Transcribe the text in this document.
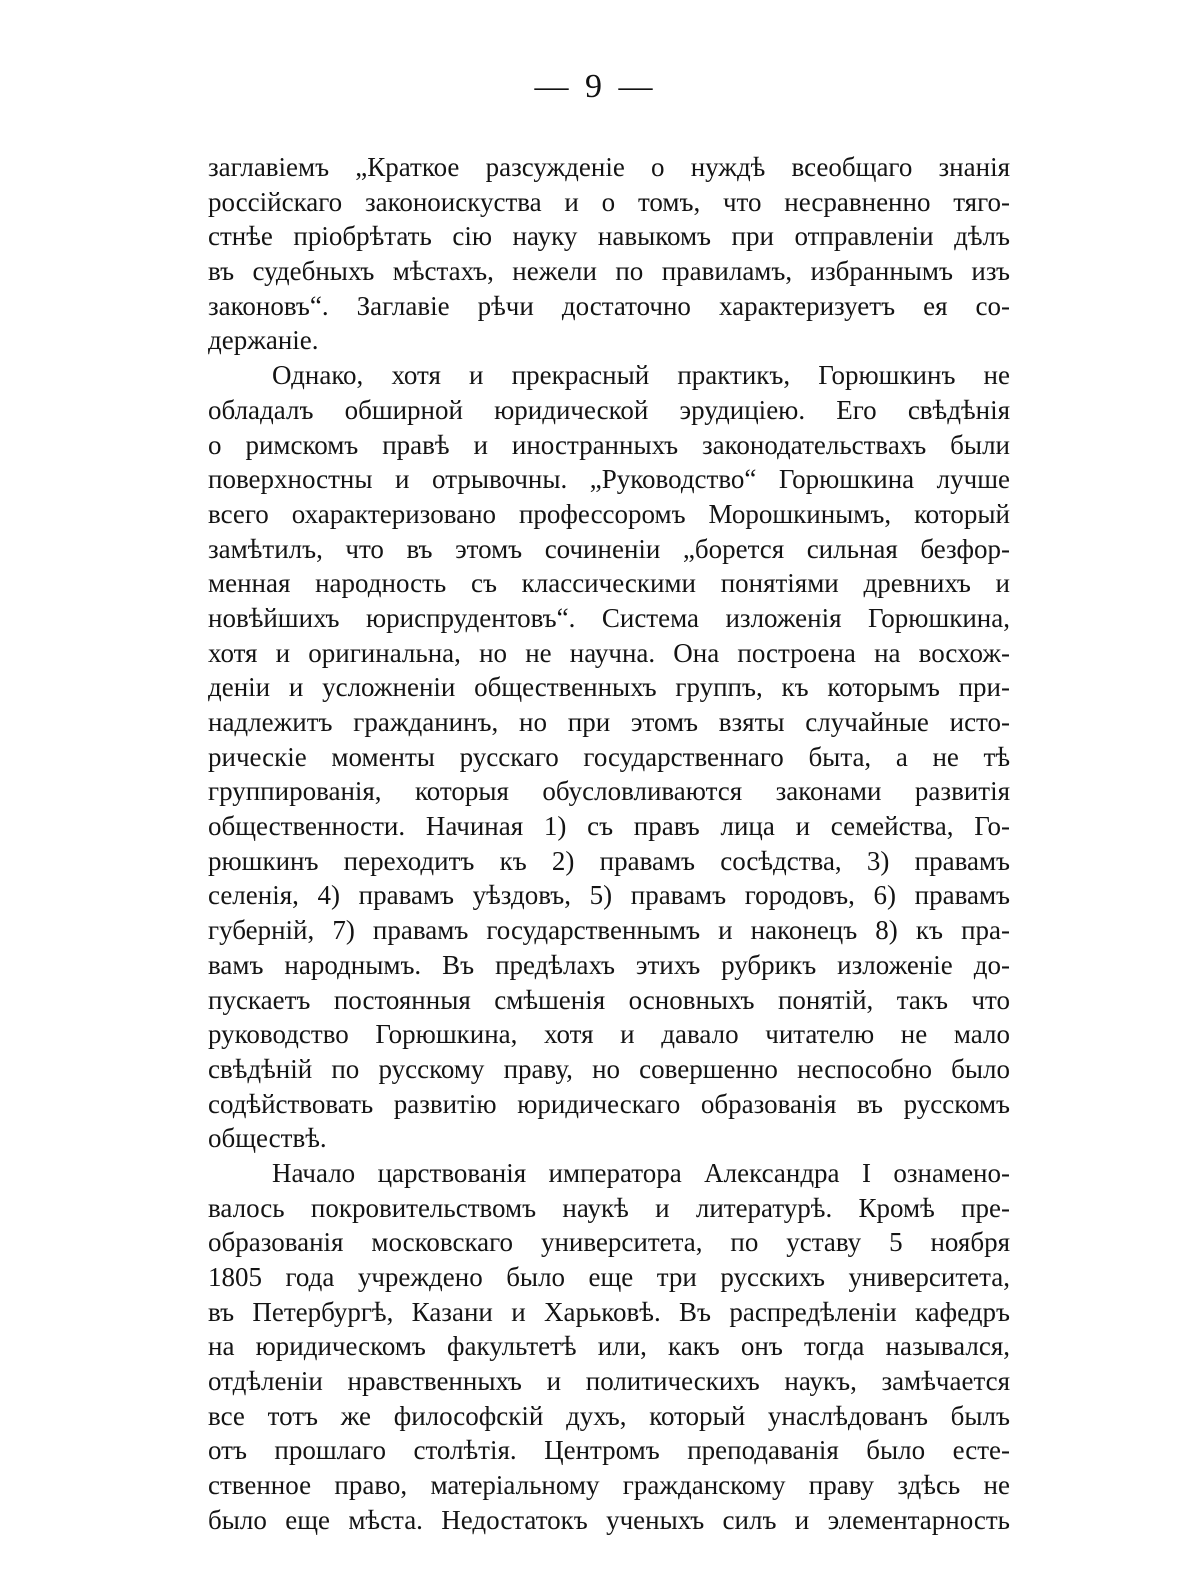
— 9 —
заглавіемъ „Краткое разсужденіе о нуждѣ всеобщаго знанія
россійскаго законоискуства и о томъ, что несравненно тяго-
стнѣе пріобрѣтать сію науку навыкомъ при отправленіи дѣлъ
въ судебныхъ мѣстахъ, нежели по правиламъ, избраннымъ изъ
законовъ“. Заглавіе рѣчи достаточно характеризуетъ ея со-
держаніе.
Однако, хотя и прекрасный практикъ, Горюшкинъ не
обладалъ обширной юридической эрудиціею. Его свѣдѣнія
о римскомъ правѣ и иностранныхъ законодательствахъ были
поверхностны и отрывочны. „Руководство“ Горюшкина лучше
всего охарактеризовано профессоромъ Морошкинымъ, который
замѣтилъ, что въ этомъ сочиненіи „борется сильная безфор-
менная народность съ классическими понятіями древнихъ и
новѣйшихъ юриспрудентовъ“. Система изложенія Горюшкина,
хотя и оригинальна, но не научна. Она построена на восхож-
деніи и усложненіи общественныхъ группъ, къ которымъ при-
надлежитъ гражданинъ, но при этомъ взяты случайные исто-
рическіе моменты русскаго государственнаго быта, а не тѣ
группированія, которыя обусловливаются законами развитія
общественности. Начиная 1) съ правъ лица и семейства, Го-
рюшкинъ переходитъ къ 2) правамъ сосѣдства, 3) правамъ
селенія, 4) правамъ уѣздовъ, 5) правамъ городовъ, 6) правамъ
губерній, 7) правамъ государственнымъ и наконецъ 8) къ пра-
вамъ народнымъ. Въ предѣлахъ этихъ рубрикъ изложеніе до-
пускаетъ постоянныя смѣшенія основныхъ понятій, такъ что
руководство Горюшкина, хотя и давало читателю не мало
свѣдѣній по русскому праву, но совершенно неспособно было
содѣйствовать развитію юридическаго образованія въ русскомъ
обществѣ.
Начало царствованія императора Александра I ознамено-
валось покровительствомъ наукѣ и литературѣ. Кромѣ пре-
образованія московскаго университета, по уставу 5 ноября
1805 года учреждено было еще три русскихъ университета,
въ Петербургѣ, Казани и Харьковѣ. Въ распредѣленіи кафедръ
на юридическомъ факультетѣ или, какъ онъ тогда назывался,
отдѣленіи нравственныхъ и политическихъ наукъ, замѣчается
все тотъ же философскій духъ, который унаслѣдованъ былъ
отъ прошлаго столѣтія. Центромъ преподаванія было есте-
ственное право, матеріальному гражданскому праву здѣсь не
было еще мѣста. Недостатокъ ученыхъ силъ и элементарность
